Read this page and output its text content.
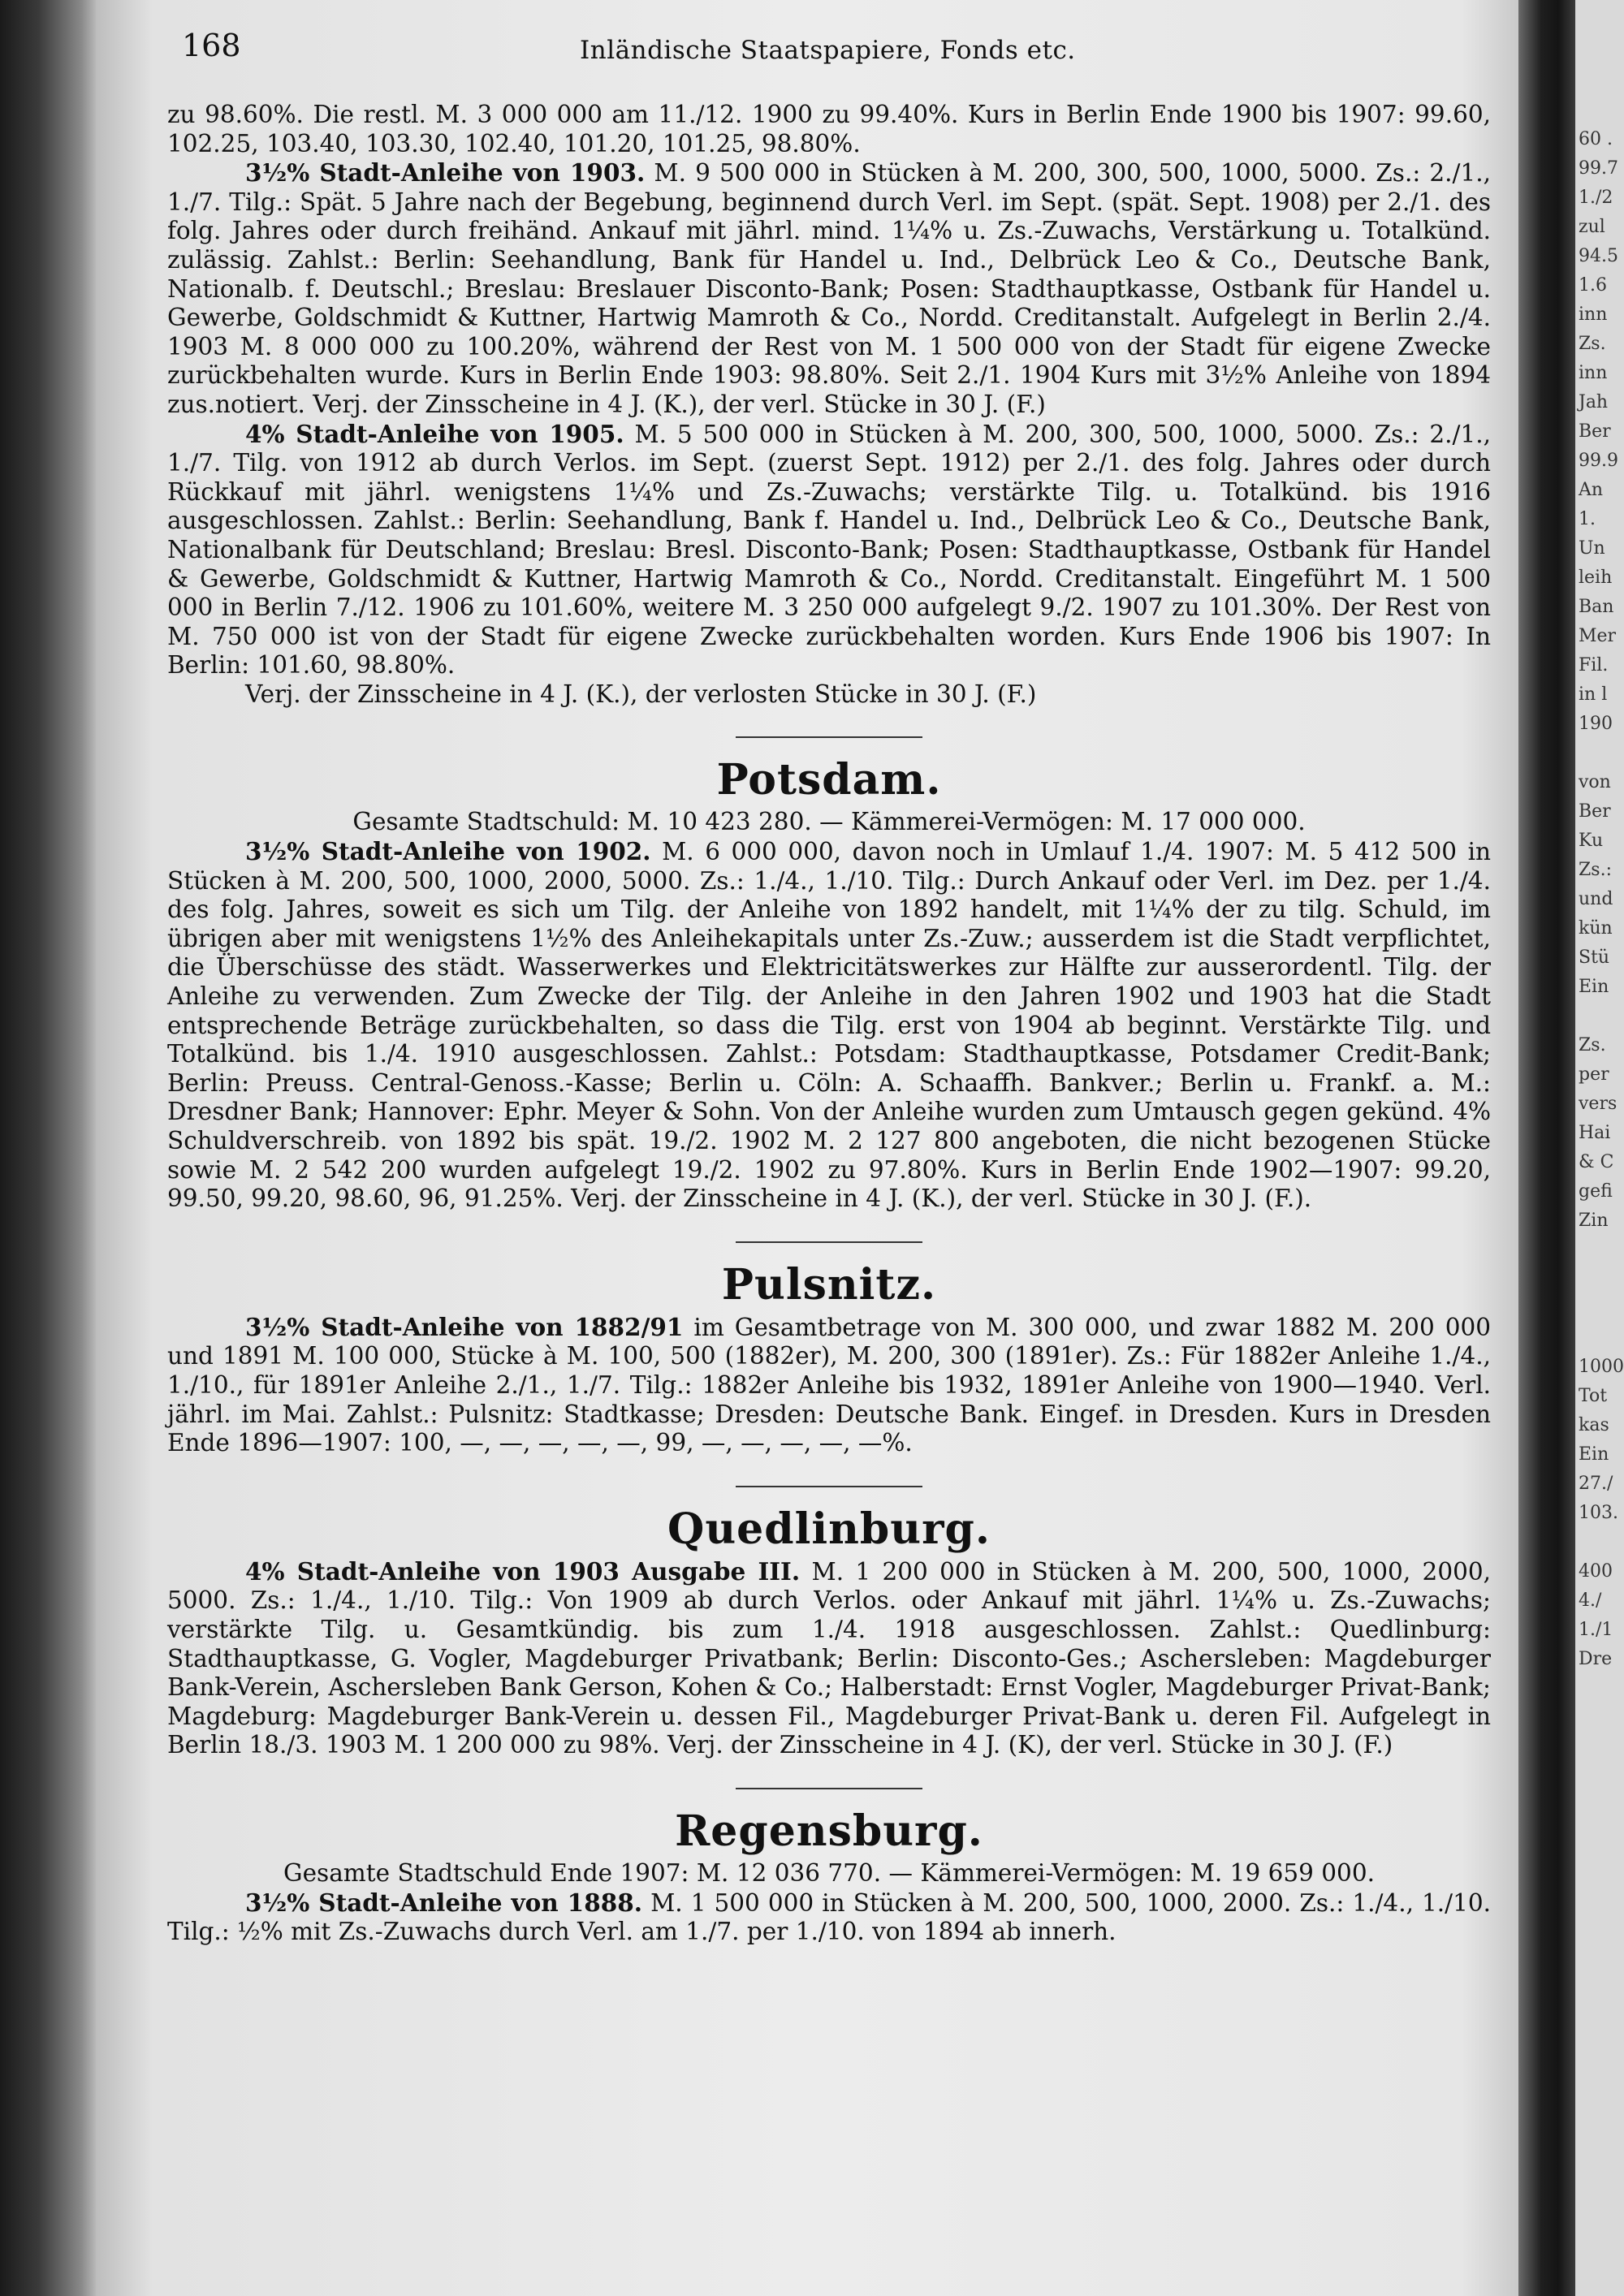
168	Inländische Staatspapiere, Fonds etc.

zu 98.60%. Die restl. M. 3 000 000 am 11./12. 1900 zu 99.40%. Kurs in Berlin Ende 1900 bis 1907: 99.60, 102.25, 103.40, 103.30, 102.40, 101.20, 101.25, 98.80%.

3½% Stadt-Anleihe von 1903. M. 9 500 000 in Stücken à M. 200, 300, 500, 1000, 5000. Zs.: 2./1., 1./7. Tilg.: Spät. 5 Jahre nach der Begebung, beginnend durch Verl. im Sept. (spät. Sept. 1908) per 2./1. des folg. Jahres oder durch freihänd. Ankauf mit jährl. mind. 1¼% u. Zs.-Zuwachs, Verstärkung u. Totalkünd. zulässig. Zahlst.: Berlin: Seehandlung, Bank für Handel u. Ind., Delbrück Leo & Co., Deutsche Bank, Nationalb. f. Deutschl.; Breslau: Breslauer Disconto-Bank; Posen: Stadthauptkasse, Ostbank für Handel u. Gewerbe, Goldschmidt & Kuttner, Hartwig Mamroth & Co., Nordd. Creditanstalt. Aufgelegt in Berlin 2./4. 1903 M. 8 000 000 zu 100.20%, während der Rest von M. 1 500 000 von der Stadt für eigene Zwecke zurückbehalten wurde. Kurs in Berlin Ende 1903: 98.80%. Seit 2./1. 1904 Kurs mit 3½% Anleihe von 1894 zus.notiert. Verj. der Zinsscheine in 4 J. (K.), der verl. Stücke in 30 J. (F.)

4% Stadt-Anleihe von 1905. M. 5 500 000 in Stücken à M. 200, 300, 500, 1000, 5000. Zs.: 2./1., 1./7. Tilg. von 1912 ab durch Verlos. im Sept. (zuerst Sept. 1912) per 2./1. des folg. Jahres oder durch Rückkauf mit jährl. wenigstens 1¼% und Zs.-Zuwachs; verstärkte Tilg. u. Totalkünd. bis 1916 ausgeschlossen. Zahlst.: Berlin: Seehandlung, Bank f. Handel u. Ind., Delbrück Leo & Co., Deutsche Bank, Nationalbank für Deutschland; Breslau: Bresl. Disconto-Bank; Posen: Stadthauptkasse, Ostbank für Handel & Gewerbe, Goldschmidt & Kuttner, Hartwig Mamroth & Co., Nordd. Creditanstalt. Eingeführt M. 1 500 000 in Berlin 7./12. 1906 zu 101.60%, weitere M. 3 250 000 aufgelegt 9./2. 1907 zu 101.30%. Der Rest von M. 750 000 ist von der Stadt für eigene Zwecke zurückbehalten worden. Kurs Ende 1906 bis 1907: In Berlin: 101.60, 98.80%.

Verj. der Zinsscheine in 4 J. (K.), der verlosten Stücke in 30 J. (F.)

Potsdam.

Gesamte Stadtschuld: M. 10 423 280. — Kämmerei-Vermögen: M. 17 000 000.

3½% Stadt-Anleihe von 1902. M. 6 000 000, davon noch in Umlauf 1./4. 1907: M. 5 412 500 in Stücken à M. 200, 500, 1000, 2000, 5000. Zs.: 1./4., 1./10. Tilg.: Durch Ankauf oder Verl. im Dez. per 1./4. des folg. Jahres, soweit es sich um Tilg. der Anleihe von 1892 handelt, mit 1¼% der zu tilg. Schuld, im übrigen aber mit wenigstens 1½% des Anleihekapitals unter Zs.-Zuw.; ausserdem ist die Stadt verpflichtet, die Überschüsse des städt. Wasserwerkes und Elektricitätswerkes zur Hälfte zur ausserordentl. Tilg. der Anleihe zu verwenden. Zum Zwecke der Tilg. der Anleihe in den Jahren 1902 und 1903 hat die Stadt entsprechende Beträge zurückbehalten, so dass die Tilg. erst von 1904 ab beginnt. Verstärkte Tilg. und Totalkünd. bis 1./4. 1910 ausgeschlossen. Zahlst.: Potsdam: Stadthauptkasse, Potsdamer Credit-Bank; Berlin: Preuss. Central-Genoss.-Kasse; Berlin u. Cöln: A. Schaaffh. Bankver.; Berlin u. Frankf. a. M.: Dresdner Bank; Hannover: Ephr. Meyer & Sohn. Von der Anleihe wurden zum Umtausch gegen gekünd. 4% Schuldverschreib. von 1892 bis spät. 19./2. 1902 M. 2 127 800 angeboten, die nicht bezogenen Stücke sowie M. 2 542 200 wurden aufgelegt 19./2. 1902 zu 97.80%. Kurs in Berlin Ende 1902—1907: 99.20, 99.50, 99.20, 98.60, 96, 91.25%. Verj. der Zinsscheine in 4 J. (K.), der verl. Stücke in 30 J. (F.).

Pulsnitz.

3½% Stadt-Anleihe von 1882/91 im Gesamtbetrage von M. 300 000, und zwar 1882 M. 200 000 und 1891 M. 100 000, Stücke à M. 100, 500 (1882er), M. 200, 300 (1891er). Zs.: Für 1882er Anleihe 1./4., 1./10., für 1891er Anleihe 2./1., 1./7. Tilg.: 1882er Anleihe bis 1932, 1891er Anleihe von 1900—1940. Verl. jährl. im Mai. Zahlst.: Pulsnitz: Stadtkasse; Dresden: Deutsche Bank. Eingef. in Dresden. Kurs in Dresden Ende 1896—1907: 100, —, —, —, —, —, 99, —, —, —, —, —%.

Quedlinburg.

4% Stadt-Anleihe von 1903 Ausgabe III. M. 1 200 000 in Stücken à M. 200, 500, 1000, 2000, 5000. Zs.: 1./4., 1./10. Tilg.: Von 1909 ab durch Verlos. oder Ankauf mit jährl. 1¼% u. Zs.-Zuwachs; verstärkte Tilg. u. Gesamtkündig. bis zum 1./4. 1918 ausgeschlossen. Zahlst.: Quedlinburg: Stadthauptkasse, G. Vogler, Magdeburger Privatbank; Berlin: Disconto-Ges.; Aschersleben: Magdeburger Bank-Verein, Aschersleben Bank Gerson, Kohen & Co.; Halberstadt: Ernst Vogler, Magdeburger Privat-Bank; Magdeburg: Magdeburger Bank-Verein u. dessen Fil., Magdeburger Privat-Bank u. deren Fil. Aufgelegt in Berlin 18./3. 1903 M. 1 200 000 zu 98%. Verj. der Zinsscheine in 4 J. (K), der verl. Stücke in 30 J. (F.)

Regensburg.

Gesamte Stadtschuld Ende 1907: M. 12 036 770. — Kämmerei-Vermögen: M. 19 659 000.

3½% Stadt-Anleihe von 1888. M. 1 500 000 in Stücken à M. 200, 500, 1000, 2000. Zs.: 1./4., 1./10. Tilg.: ½% mit Zs.-Zuwachs durch Verl. am 1./7. per 1./10. von 1894 ab innerh.

60 .
99.7
1./2
zul
94.5
1.6
inn
Zs.
inn
Jah
Ber
99.9
An
1.
Un
leih
Ban
Mer
Fil.
in l
190
von
Ber
Ku
Zs.:
und
kün
Stü
Ein
Zs.
per
vers
Hai
& C
gefi
Zin
1000
Tot
kas
Ein
27./
103.
400
4./
1./1
Dre
